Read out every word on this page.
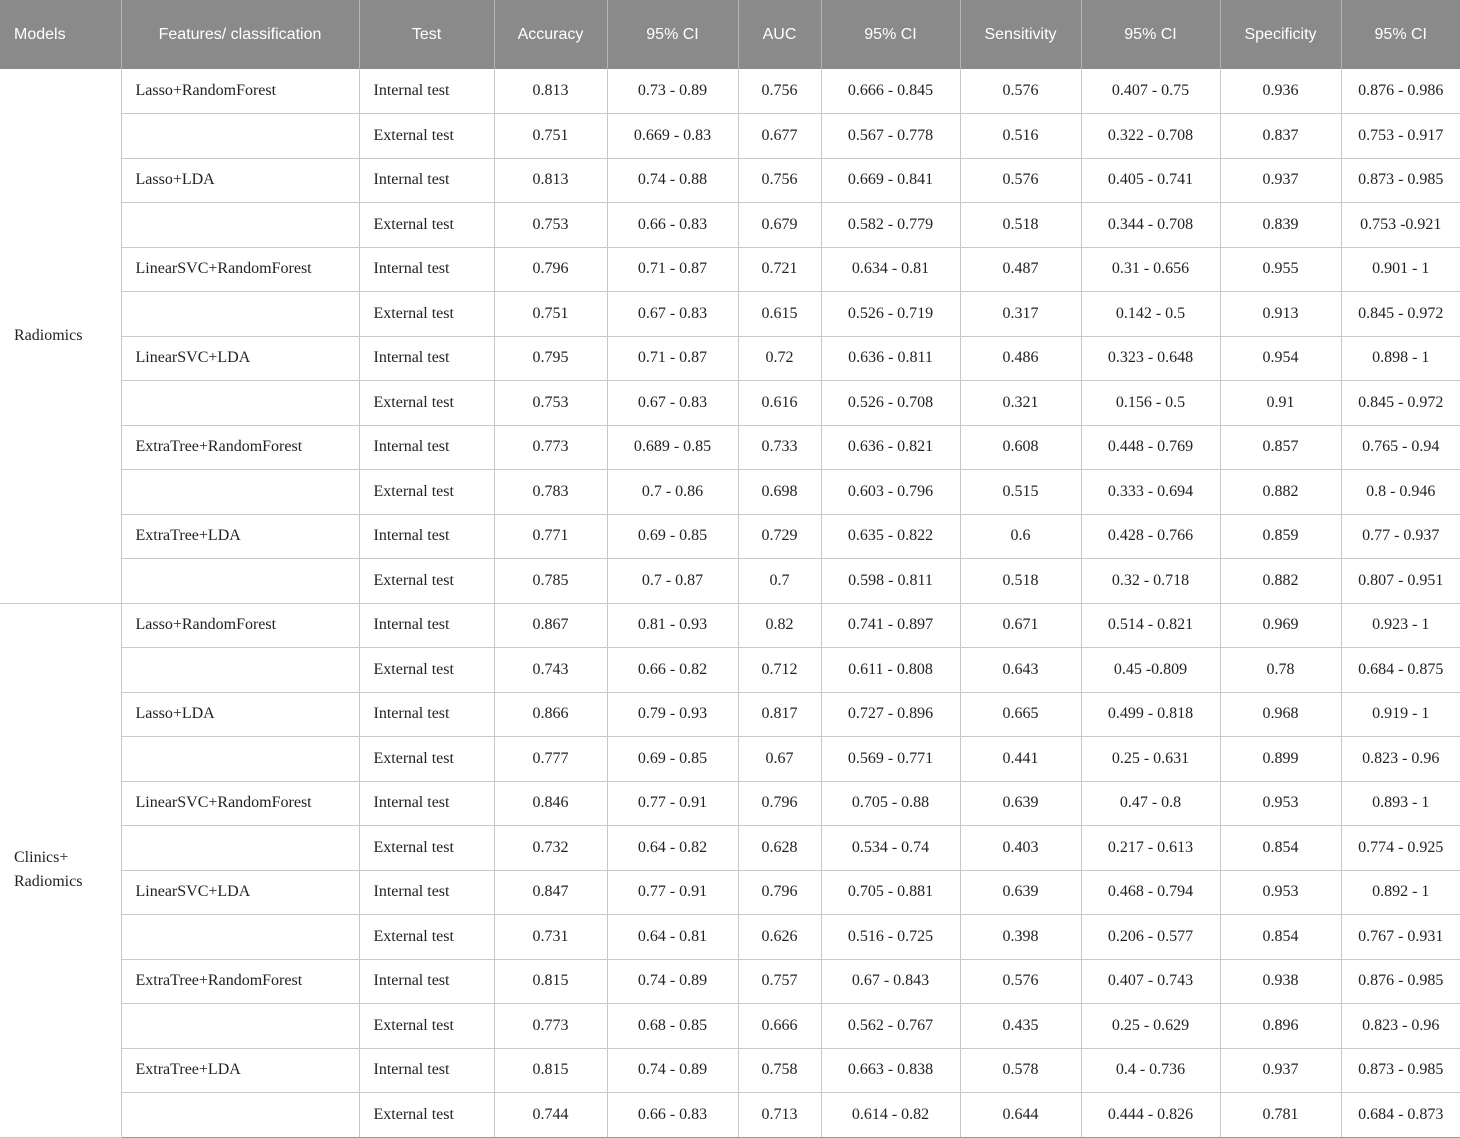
Models	Features/ classification	Test	Accuracy	95% CI	AUC	95% CI	Sensitivity	95% CI	Specificity	95% CI
Radiomics	Lasso+RandomForest	Internal test	0.813	0.73 - 0.89	0.756	0.666 - 0.845	0.576	0.407 - 0.75	0.936	0.876 - 0.986
		External test	0.751	0.669 - 0.83	0.677	0.567 - 0.778	0.516	0.322 - 0.708	0.837	0.753 - 0.917
	Lasso+LDA	Internal test	0.813	0.74 - 0.88	0.756	0.669 - 0.841	0.576	0.405 - 0.741	0.937	0.873 - 0.985
		External test	0.753	0.66 - 0.83	0.679	0.582 - 0.779	0.518	0.344 - 0.708	0.839	0.753 -0.921
	LinearSVC+RandomForest	Internal test	0.796	0.71 - 0.87	0.721	0.634 - 0.81	0.487	0.31 - 0.656	0.955	0.901 - 1
		External test	0.751	0.67 - 0.83	0.615	0.526 - 0.719	0.317	0.142 - 0.5	0.913	0.845 - 0.972
	LinearSVC+LDA	Internal test	0.795	0.71 - 0.87	0.72	0.636 - 0.811	0.486	0.323 - 0.648	0.954	0.898 - 1
		External test	0.753	0.67 - 0.83	0.616	0.526 - 0.708	0.321	0.156 - 0.5	0.91	0.845 - 0.972
	ExtraTree+RandomForest	Internal test	0.773	0.689 - 0.85	0.733	0.636 - 0.821	0.608	0.448 - 0.769	0.857	0.765 - 0.94
		External test	0.783	0.7 - 0.86	0.698	0.603 - 0.796	0.515	0.333 - 0.694	0.882	0.8 - 0.946
	ExtraTree+LDA	Internal test	0.771	0.69 - 0.85	0.729	0.635 - 0.822	0.6	0.428 - 0.766	0.859	0.77 - 0.937
		External test	0.785	0.7 - 0.87	0.7	0.598 - 0.811	0.518	0.32 - 0.718	0.882	0.807 - 0.951
Clinics+ Radiomics	Lasso+RandomForest	Internal test	0.867	0.81 - 0.93	0.82	0.741 - 0.897	0.671	0.514 - 0.821	0.969	0.923 - 1
		External test	0.743	0.66 - 0.82	0.712	0.611 - 0.808	0.643	0.45 -0.809	0.78	0.684 - 0.875
	Lasso+LDA	Internal test	0.866	0.79 - 0.93	0.817	0.727 - 0.896	0.665	0.499 - 0.818	0.968	0.919 - 1
		External test	0.777	0.69 - 0.85	0.67	0.569 - 0.771	0.441	0.25 - 0.631	0.899	0.823 - 0.96
	LinearSVC+RandomForest	Internal test	0.846	0.77 - 0.91	0.796	0.705 - 0.88	0.639	0.47 - 0.8	0.953	0.893 - 1
		External test	0.732	0.64 - 0.82	0.628	0.534 - 0.74	0.403	0.217 - 0.613	0.854	0.774 - 0.925
	LinearSVC+LDA	Internal test	0.847	0.77 - 0.91	0.796	0.705 - 0.881	0.639	0.468 - 0.794	0.953	0.892 - 1
		External test	0.731	0.64 - 0.81	0.626	0.516 - 0.725	0.398	0.206 - 0.577	0.854	0.767 - 0.931
	ExtraTree+RandomForest	Internal test	0.815	0.74 - 0.89	0.757	0.67 - 0.843	0.576	0.407 - 0.743	0.938	0.876 - 0.985
		External test	0.773	0.68 - 0.85	0.666	0.562 - 0.767	0.435	0.25 - 0.629	0.896	0.823 - 0.96
	ExtraTree+LDA	Internal test	0.815	0.74 - 0.89	0.758	0.663 - 0.838	0.578	0.4 - 0.736	0.937	0.873 - 0.985
		External test	0.744	0.66 - 0.83	0.713	0.614 - 0.82	0.644	0.444 - 0.826	0.781	0.684 - 0.873
